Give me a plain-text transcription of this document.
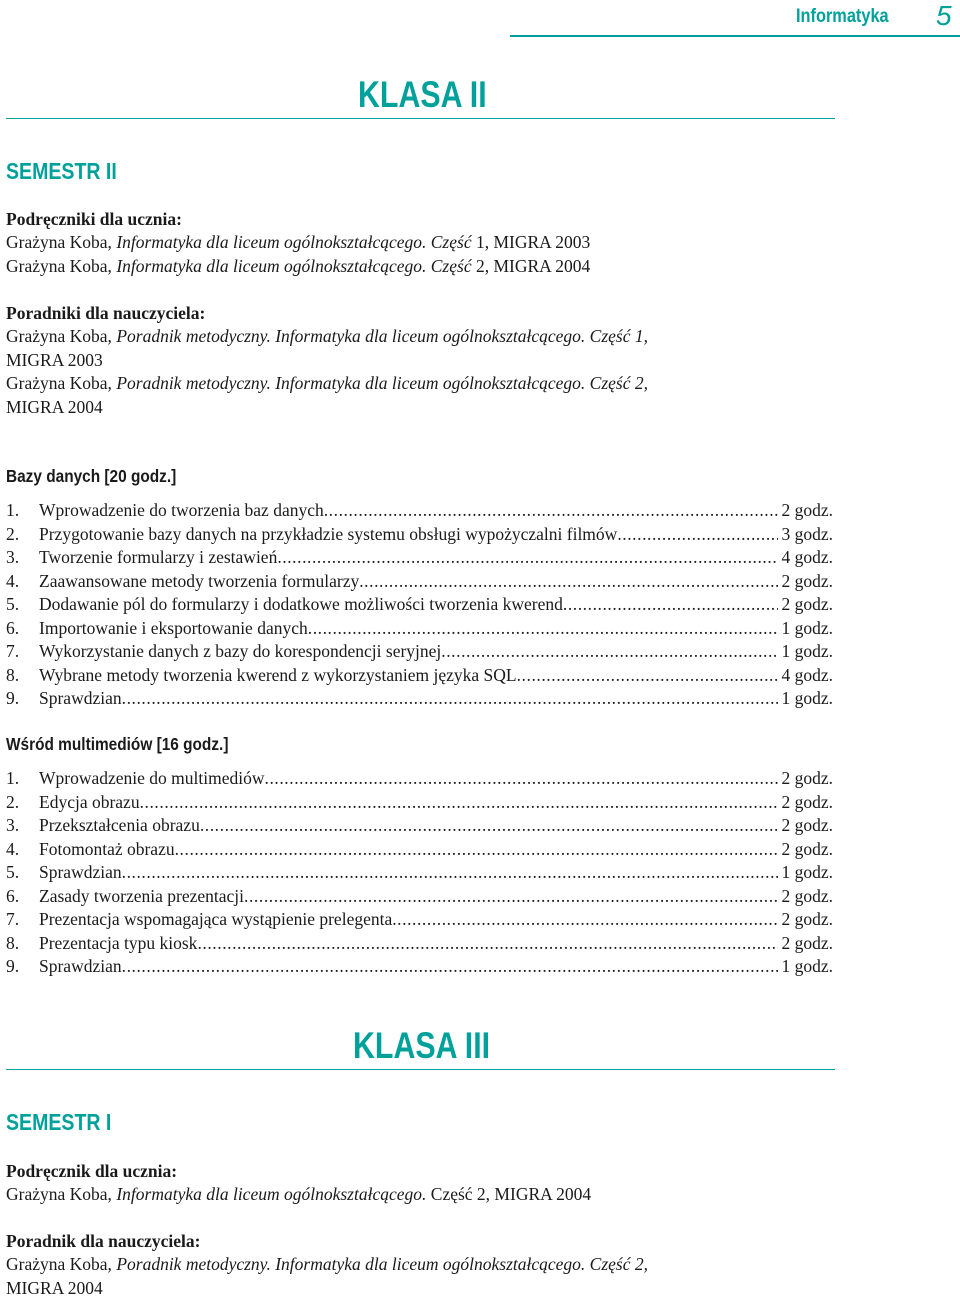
Informatyka 5
KLASA II
SEMESTR II

Podręczniki dla ucznia:

Grażyna Koba, Informatyka dla liceum ogólnokształcącego. Część 1, MIGRA 2003

Grażyna Koba, Informatyka dla liceum ogólnokształcącego. Część 2, MIGRA 2004

Poradniki dla nauczyciela:

Grażyna Koba, Poradnik metodyczny. Informatyka dla liceum ogólnokształcącego. Część 1,

MIGRA 2003

Grażyna Koba, Poradnik metodyczny. Informatyka dla liceum ogólnokształcącego. Część 2,

MIGRA 2004

Bazy danych [20 godz.]
1.	Wprowadzenie do tworzenia baz danych . . .	2 godz.
2.	Przygotowanie bazy danych na przykładzie systemu obsługi wypożyczalni filmów . . .	3 godz.
3.	Tworzenie formularzy i zestawień . . .	4 godz.
4.	Zaawansowane metody tworzenia formularzy . . .	2 godz.
5.	Dodawanie pól do formularzy i dodatkowe możliwości tworzenia kwerend . . .	2 godz.
6.	Importowanie i eksportowanie danych . . .	1 godz.
7.	Wykorzystanie danych z bazy do korespondencji seryjnej . . .	1 godz.
8.	Wybrane metody tworzenia kwerend z wykorzystaniem języka SQL . . .	4 godz.
9.	Sprawdzian . . .	1 godz.
Wśród multimediów [16 godz.]
1.	Wprowadzenie do multimediów . . .	2 godz.
2.	Edycja obrazu . . .	2 godz.
3.	Przekształcenia obrazu . . .	2 godz.
4.	Fotomontaż obrazu . . .	2 godz.
5.	Sprawdzian . . .	1 godz.
6.	Zasady tworzenia prezentacji . . .	2 godz.
7.	Prezentacja wspomagająca wystąpienie prelegenta . . .	2 godz.
8.	Prezentacja typu kiosk . . .	2 godz.
9.	Sprawdzian . . .	1 godz.
KLASA III
SEMESTR I

Podręcznik dla ucznia:

Grażyna Koba, Informatyka dla liceum ogólnokształcącego. Część 2, MIGRA 2004

Poradnik dla nauczyciela:

Grażyna Koba, Poradnik metodyczny. Informatyka dla liceum ogólnokształcącego. Część 2,

MIGRA 2004
